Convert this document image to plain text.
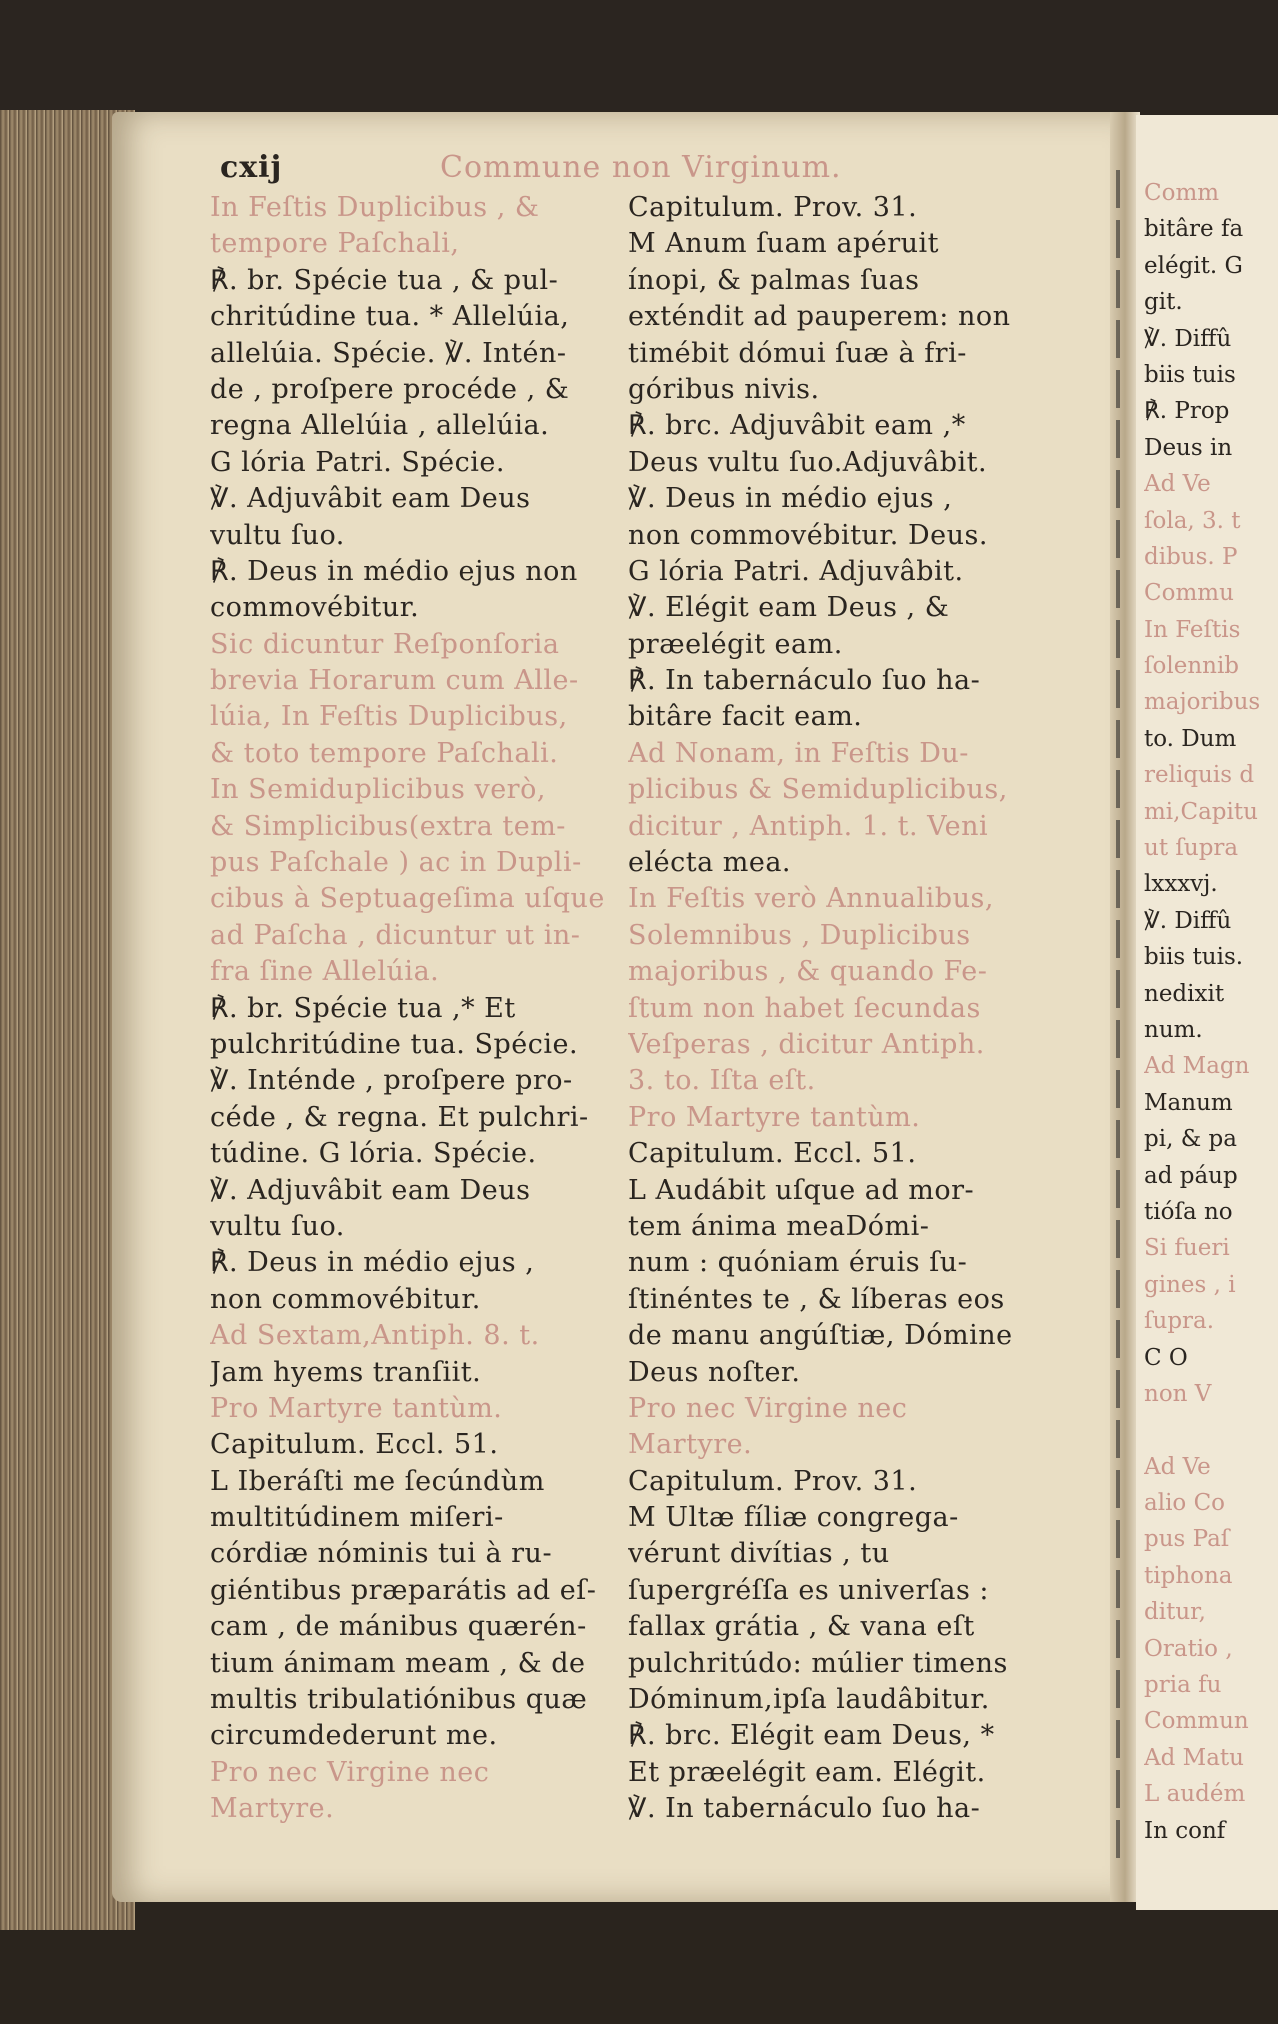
Comm
bitâre fa
elégit. G
git.
℣. Diffû
biis tuis
℟. Prop
Deus in
Ad Ve
ſola, 3. t
dibus. P
Commu
In Feſtis
ſolennib
majoribus
to. Dum
reliquis d
mi,Capitu
ut ſupra
lxxxvj.
℣. Diffû
biis tuis.
nedixit
num.
Ad Magn
Manum
pi, & pa
ad páup
tióſa no
Si fueri
gines , i
ſupra.
C O
non V
Ad Ve
alio Co
pus Paſ
tiphona
ditur,
Oratio ,
pria fu
Commun
Ad Matu
L audém
In conf
cxij	Commune non Virginum.
In Feſtis Duplicibus , &
tempore Paſchali,
℟. br. Spécie tua , & pul-
chritúdine tua. * Allelúia,
allelúia. Spécie. ℣. Intén-
de , proſpere procéde , &
regna Allelúia , allelúia.
G lória Patri. Spécie.
℣. Adjuvâbit eam Deus
vultu ſuo.
℟. Deus in médio ejus non
commovébitur.
Sic dicuntur Reſponſoria
brevia Horarum cum Alle-
lúia, In Feſtis Duplicibus,
& toto tempore Paſchali.
In Semiduplicibus verò,
& Simplicibus(extra tem-
pus Paſchale ) ac in Dupli-
cibus à Septuageſima uſque
ad Paſcha , dicuntur ut in-
fra ſine Allelúia.
℟. br. Spécie tua ,* Et
pulchritúdine tua. Spécie.
℣. Inténde , proſpere pro-
céde , & regna. Et pulchri-
túdine. G lória. Spécie.
℣. Adjuvâbit eam Deus
vultu ſuo.
℟. Deus in médio ejus ,
non commovébitur.
Ad Sextam,Antiph. 8. t.
Jam hyems tranſiit.
Pro Martyre tantùm.
Capitulum. Eccl. 51.
L Iberáſti me ſecúndùm
multitúdinem miſeri-
córdiæ nóminis tui à ru-
giéntibus præparátis ad eſ-
cam , de mánibus quærén-
tium ánimam meam , & de
multis tribulatiónibus quæ
circumdederunt me.
Pro nec Virgine nec
Martyre.
Capitulum. Prov. 31.
M Anum ſuam apéruit
ínopi, & palmas ſuas
exténdit ad pauperem: non
timébit dómui ſuæ à fri-
góribus nivis.
℟. brc. Adjuvâbit eam ,*
Deus vultu ſuo.Adjuvâbit.
℣. Deus in médio ejus ,
non commovébitur. Deus.
G lória Patri. Adjuvâbit.
℣. Elégit eam Deus , &
præelégit eam.
℟. In tabernáculo ſuo ha-
bitâre facit eam.
Ad Nonam, in Feſtis Du-
plicibus & Semiduplicibus,
dicitur , Antiph. 1. t. Veni
elécta mea.
In Feſtis verò Annualibus,
Solemnibus , Duplicibus
majoribus , & quando Fe-
ſtum non habet ſecundas
Veſperas , dicitur Antiph.
3. to. Iſta eſt.
Pro Martyre tantùm.
Capitulum. Eccl. 51.
L Audábit uſque ad mor-
tem ánima meaDómi-
num : quóniam éruis ſu-
ſtinéntes te , & líberas eos
de manu angúſtiæ, Dómine
Deus noſter.
Pro nec Virgine nec
Martyre.
Capitulum. Prov. 31.
M Ultæ fíliæ congrega-
vérunt divítias , tu
ſupergréſſa es univerſas :
fallax grátia , & vana eſt
pulchritúdo: múlier timens
Dóminum,ipſa laudâbitur.
℟. brc. Elégit eam Deus, *
Et præelégit eam. Elégit.
℣. In tabernáculo ſuo ha-
